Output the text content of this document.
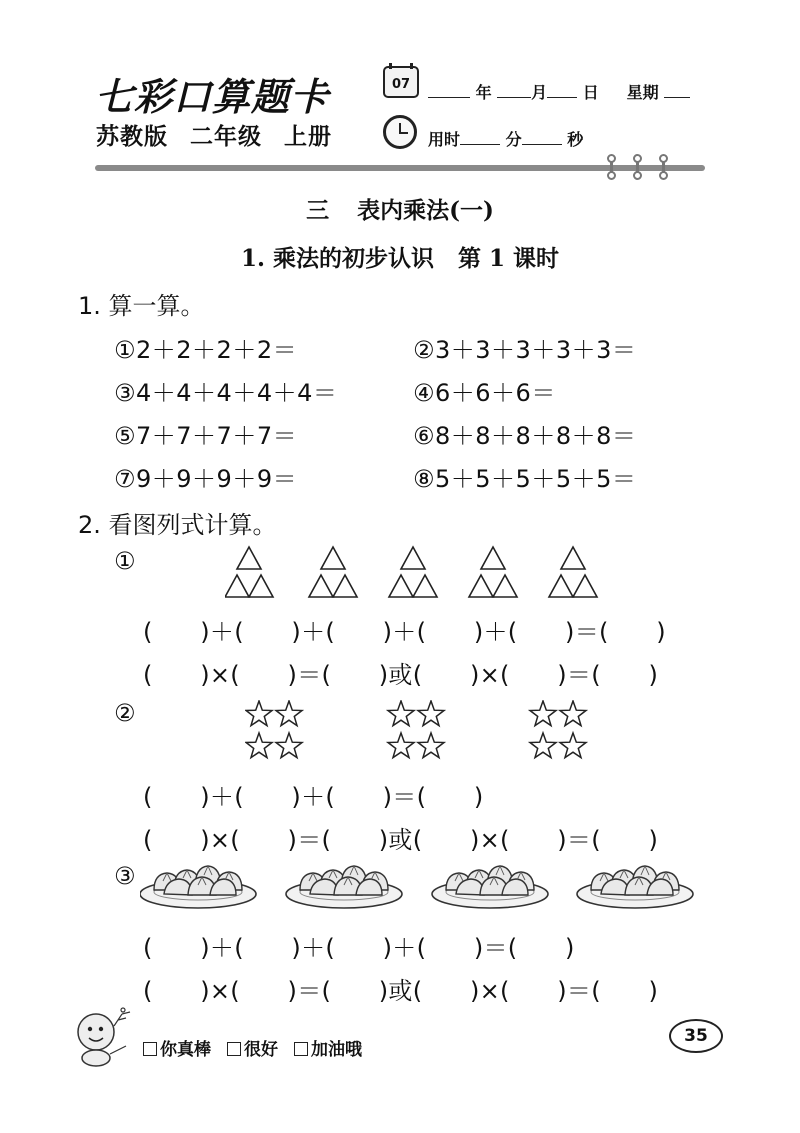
七彩口算题卡
苏教版 二年级 上册
07	年 月 日 星期
用时	分	秒
三 表内乘法(一)
1. 乘法的初步认识 第 1 课时
1. 算一算。
①2＋2＋2＋2＝	②3＋3＋3＋3＋3＝
③4＋4＋4＋4＋4＝	④6＋6＋6＝
⑤7＋7＋7＋7＝	⑥8＋8＋8＋8＋8＝
⑦9＋9＋9＋9＝	⑧5＋5＋5＋5＋5＝
2. 看图列式计算。
①
(      )＋(      )＋(      )＋(      )＋(      )＝(      )
(      )×(      )＝(      )或(      )×(      )＝(      )
②
(      )＋(      )＋(      )＝(      )
(      )×(      )＝(      )或(      )×(      )＝(      )
③
(      )＋(      )＋(      )＋(      )＝(      )
(      )×(      )＝(      )或(      )×(      )＝(      )
你真棒 很好 加油哦
35
